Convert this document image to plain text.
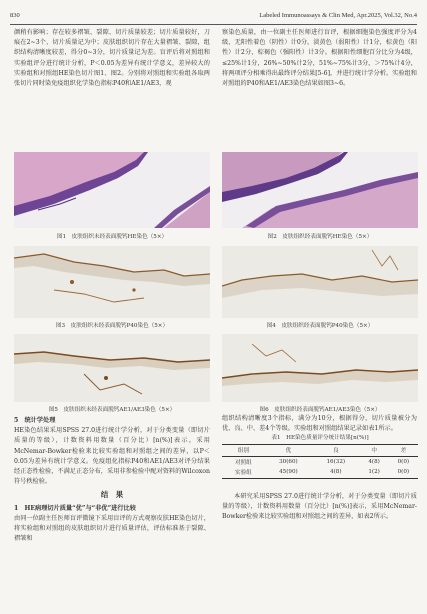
830	Labeled Immunoassays & Clin Med, Apr.2025, Vol.32, No.4

颜稍有影响；存在较多褶皱、裂隙、切片质量较差；切片质量较好，刀痕在2~3个，切片质量记为中；皮肤组织切片存在大量褶皱、裂隙，组织结构清晰度较差，得分0~3分，切片质量记为差。盲评后将对照组和实验组评分进行统计分析，P＜0.05为差异有统计学意义，差异较大的实验组和对照组HE染色切片图1、图2。分别将对照组和实验组各取两张切片同时染免疫组织化学染色指标P40和AE1/AE3，观

察染色质量，由一位副主任医师进行盲评，根据细胞染色强度评分为4级，无阳性着色（阴性）计0分，淡黄色（弱阳性）计1分，棕黄色（阳性）计2分，棕褐色（强阳性）计3分。根据阳性细胞百分比分为4级，≤25%计1分，26%~50%计2分，51%~75%计3分，＞75%计4分，将两项评分相乘得出最终评分结果[5-6]，并进行统计学分析。实验组和对照组的P40和AE1/AE3染色结果如图3~6。

图1　皮肤组织未经表面脱钙HE染色（5×）	图2　皮肤组织经表面脱钙HE染色（5×）
图3　皮肤组织未经表面脱钙P40染色（5×）	图4　皮肤组织经表面脱钙P40染色（5×）
图5　皮肤组织未经表面脱钙AE1/AE3染色（5×）	图6　皮肤组织经表面脱钙AE1/AE3染色（5×）

5　统计学处理

HE染色结果采用SPSS 27.0进行统计学分析，对于分类变量（即切片质量的等级），计数资料用数量（百分比）[n(%)]表示，采用McNemar-Bowker检验来比较实验组和对照组之间的差异，以P＜0.05为差异有统计学意义。免疫组化指标P40和AE1/AE3对评分结果经正态性检验，不满足正态分布，采用非参检验中配对资料的Wilcoxon符号秩检验。

结　果

1　HE病理切片质量“优”与“非优”进行比较

由同一位副主任医师盲评微镜下采用盲评的方式观察皮肤HE染色切片，将实验组和对照组的皮肤组织切片进行质量评估，评估标准基于裂隙、褶皱和

组织结构清晰度3个指标，满分为10分，根据得分，切片质量被分为优、良、中、差4个等级。实验组和对照组结果记录如表1所示。

表1　HE染色质量评分统计结果[n(%)]
组别	优	良	中	差
对照组	30(60)	16(32)	4(8)	0(0)
实验组	45(90)	4(8)	1(2)	0(0)

本研究采用SPSS 27.0进行统计学分析，对于分类变量（即切片质量的等级），计数资料用数量（百分比）[n(%)]表示，采用McNemar-Bowker检验来比较实验组和对照组之间的差异，如表2所示。
